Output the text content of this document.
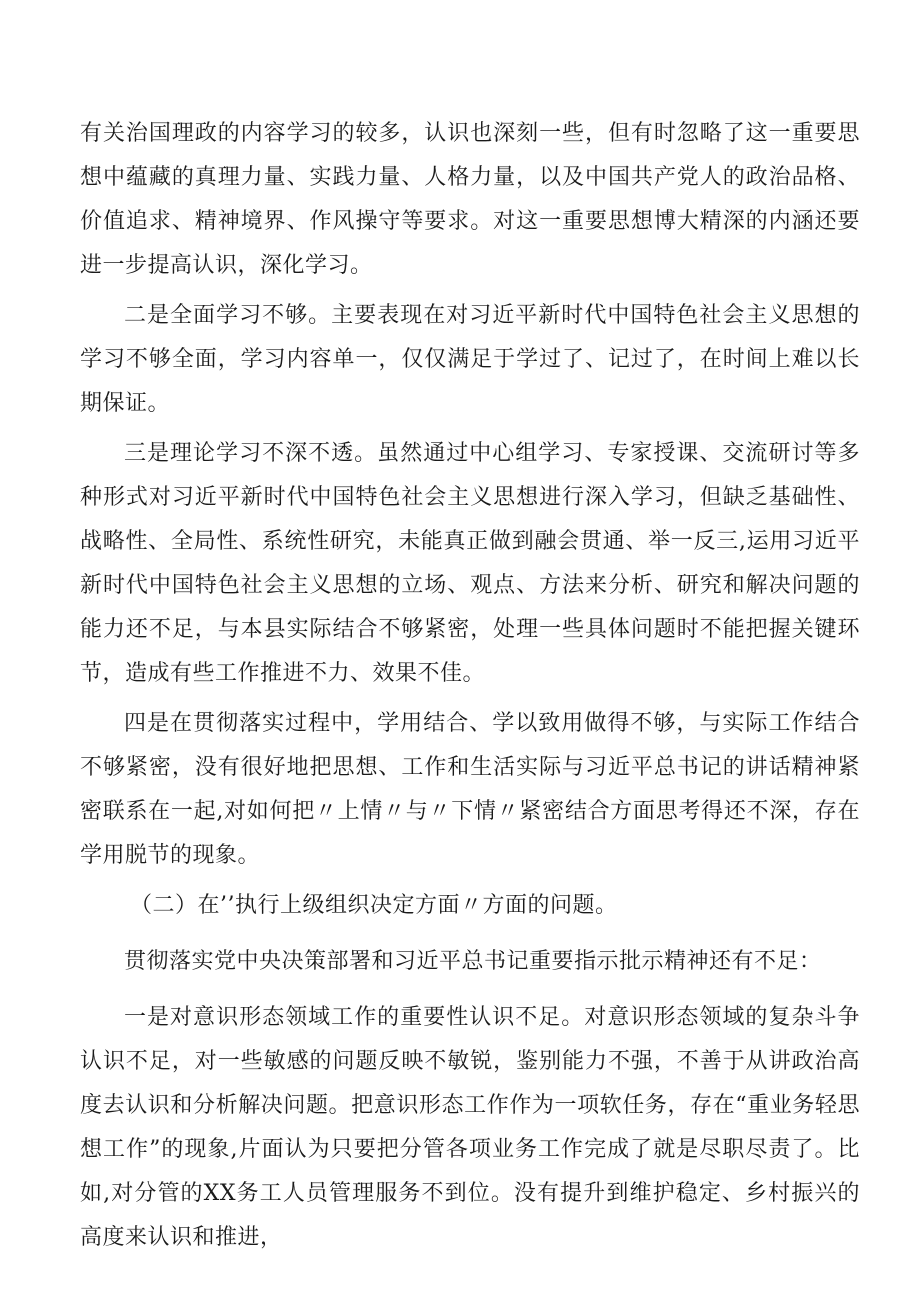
有关治国理政的内容学习的较多，认识也深刻一些，但有时忽略了这一重要思想中蕴藏的真理力量、实践力量、人格力量，以及中国共产党人的政治品格、价值追求、精神境界、作风操守等要求。对这一重要思想博大精深的内涵还要进一步提高认识，深化学习。

二是全面学习不够。主要表现在对习近平新时代中国特色社会主义思想的学习不够全面，学习内容单一，仅仅满足于学过了、记过了，在时间上难以长期保证。

三是理论学习不深不透。虽然通过中心组学习、专家授课、交流研讨等多种形式对习近平新时代中国特色社会主义思想进行深入学习，但缺乏基础性、战略性、全局性、系统性研究，未能真正做到融会贯通、举一反三,运用习近平新时代中国特色社会主义思想的立场、观点、方法来分析、研究和解决问题的能力还不足，与本县实际结合不够紧密，处理一些具体问题时不能把握关键环节，造成有些工作推进不力、效果不佳。

四是在贯彻落实过程中，学用结合、学以致用做得不够，与实际工作结合不够紧密，没有很好地把思想、工作和生活实际与习近平总书记的讲话精神紧密联系在一起,对如何把〃上情〃与〃下情〃紧密结合方面思考得还不深，存在学用脱节的现象。

（二）在’’执行上级组织决定方面〃方面的问题。

贯彻落实党中央决策部署和习近平总书记重要指示批示精神还有不足：

一是对意识形态领域工作的重要性认识不足。对意识形态领域的复杂斗争认识不足，对一些敏感的问题反映不敏锐，鉴别能力不强，不善于从讲政治高度去认识和分析解决问题。把意识形态工作作为一项软任务，存在“重业务轻思想工作”的现象,片面认为只要把分管各项业务工作完成了就是尽职尽责了。比如,对分管的XX务工人员管理服务不到位。没有提升到维护稳定、乡村振兴的高度来认识和推进，
